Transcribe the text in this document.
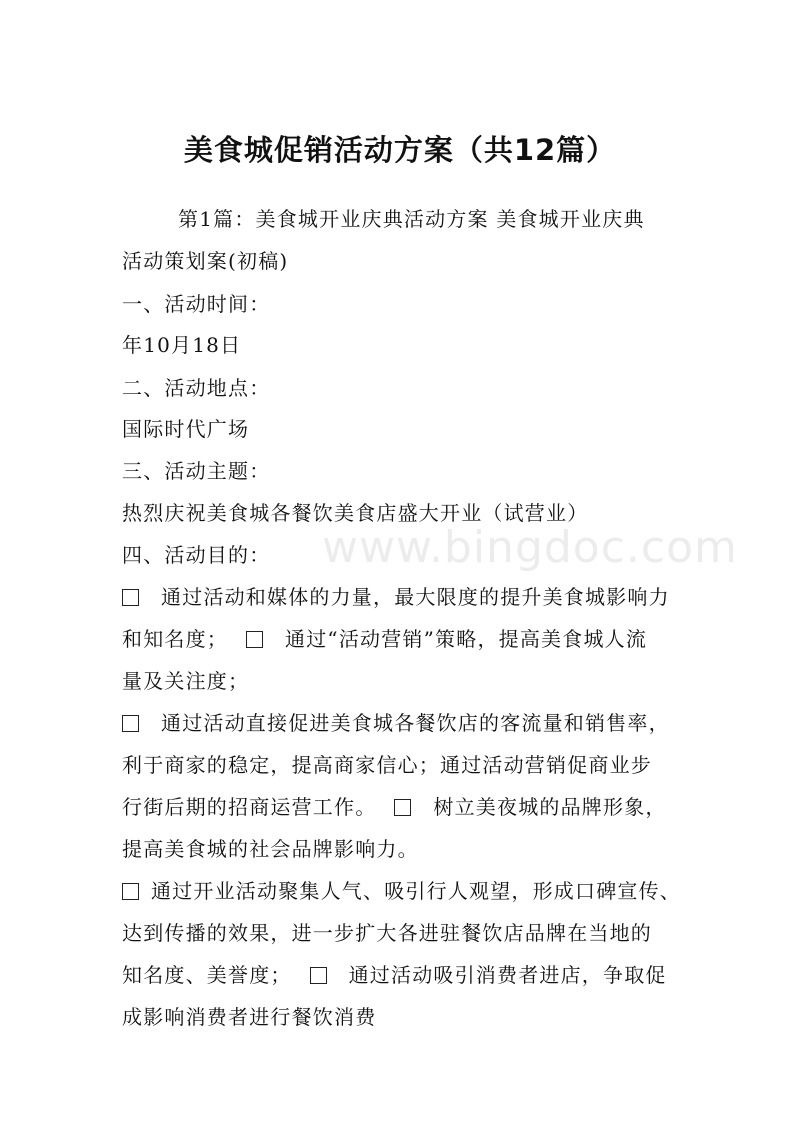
www.bingdoc.com
美食城促销活动方案（共12篇）
第1篇：美食城开业庆典活动方案 美食城开业庆典
活动策划案(初稿)
一、活动时间：
年10月18日
二、活动地点：
国际时代广场
三、活动主题：
热烈庆祝美食城各餐饮美食店盛大开业（试营业）
四、活动目的：
通过活动和媒体的力量，最大限度的提升美食城影响力
和知名度；	通过“活动营销”策略，提高美食城人流
量及关注度；
通过活动直接促进美食城各餐饮店的客流量和销售率，
利于商家的稳定，提高商家信心；通过活动营销促商业步
行街后期的招商运营工作。	树立美夜城的品牌形象，
提高美食城的社会品牌影响力。
通过开业活动聚集人气、吸引行人观望，形成口碑宣传、
达到传播的效果，进一步扩大各进驻餐饮店品牌在当地的
知名度、美誉度；	通过活动吸引消费者进店，争取促
成影响消费者进行餐饮消费
